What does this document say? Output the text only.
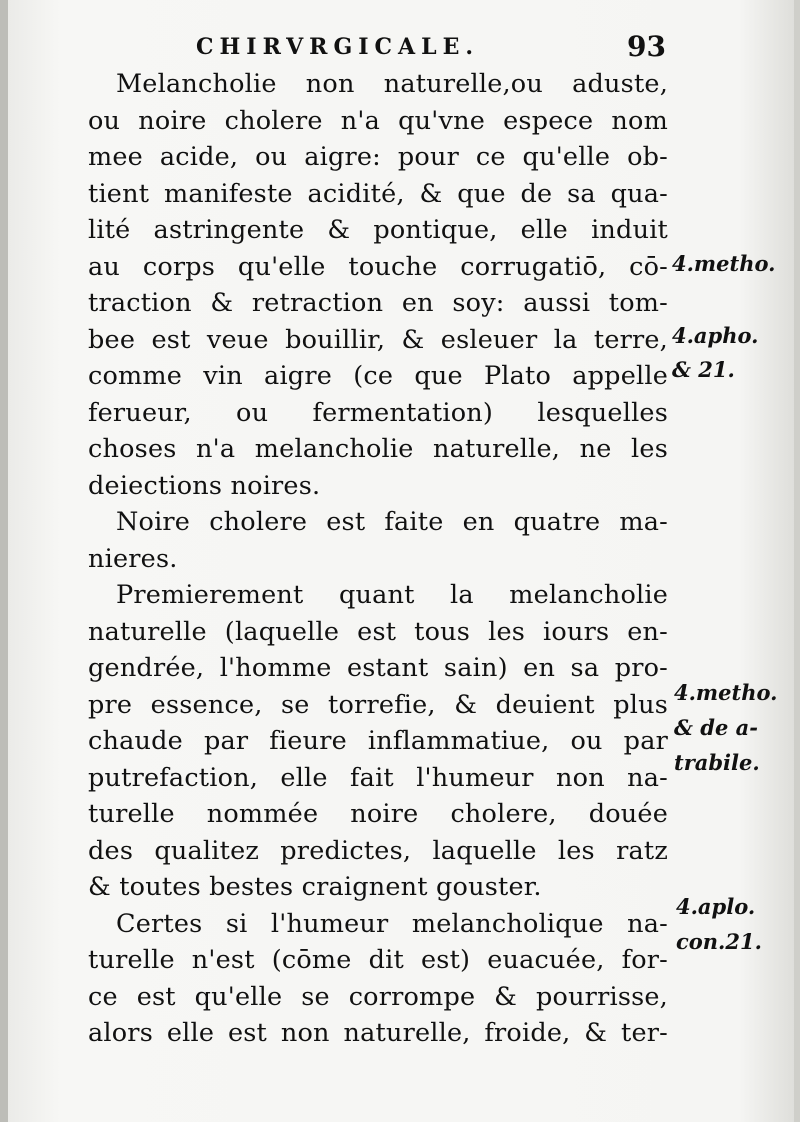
CHIRVRGICALE.	93
Melancholie non naturelle,ou aduste,
ou noire cholere n'a qu'vne espece nom
mee acide, ou aigre: pour ce qu'elle ob-
tient manifeste acidité, & que de sa qua-
lité astringente & pontique, elle induit
au corps qu'elle touche corrugatiō, cō-
traction & retraction en soy: aussi tom-
bee est veue bouillir, & esleuer la terre,
comme vin aigre (ce que Plato appelle
ferueur, ou fermentation) lesquelles
choses n'a melancholie naturelle, ne les
deiections noires.
Noire cholere est faite en quatre ma-
nieres.
Premierement quant la melancholie
naturelle (laquelle est tous les iours en-
gendrée, l'homme estant sain) en sa pro-
pre essence, se torrefie, & deuient plus
chaude par fieure inflammatiue, ou par
putrefaction, elle fait l'humeur non na-
turelle nommée noire cholere, douée
des qualitez predictes, laquelle les ratz
& toutes bestes craignent gouster.
Certes si l'humeur melancholique na-
turelle n'est (cōme dit est) euacuée, for-
ce est qu'elle se corrompe & pourrisse,
alors elle est non naturelle, froide, & ter-
4.metho.
4.apho.
& 21.
4.metho.
& de a-
trabile.
4.aplo.
con.21.
